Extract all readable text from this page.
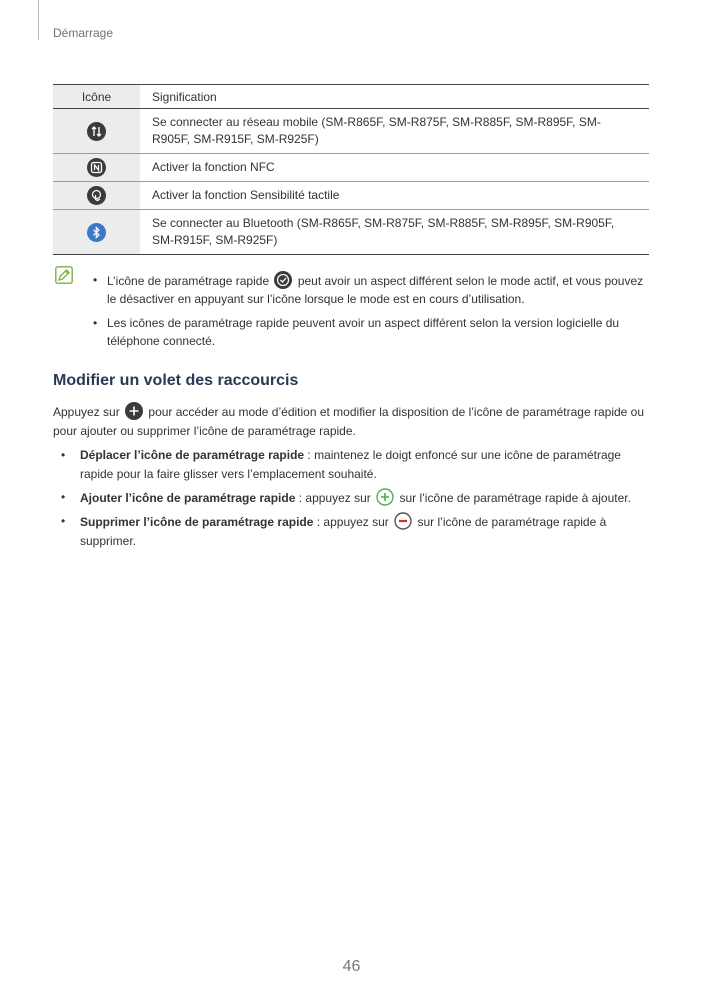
Démarrage
Icône	Signification

	Se connecter au réseau mobile (SM-R865F, SM-R875F, SM-R885F, SM-R895F, SM-R905F, SM-R915F, SM-R925F)

	Activer la fonction NFC

	Activer la fonction Sensibilité tactile

	Se connecter au Bluetooth (SM-R865F, SM-R875F, SM-R885F, SM-R895F, SM-R905F, SM-R915F, SM-R925F)
• L’icône de paramétrage rapide peut avoir un aspect différent selon le mode actif, et vous pouvez le désactiver en appuyant sur l’icône lorsque le mode est en cours d’utilisation.
• Les icônes de paramétrage rapide peuvent avoir un aspect différent selon la version logicielle du téléphone connecté.
Modifier un volet des raccourcis

Appuyez sur pour accéder au mode d’édition et modifier la disposition de l’icône de paramétrage rapide ou pour ajouter ou supprimer l’icône de paramétrage rapide.

• Déplacer l’icône de paramétrage rapide : maintenez le doigt enfoncé sur une icône de paramétrage rapide pour la faire glisser vers l’emplacement souhaité.
• Ajouter l’icône de paramétrage rapide : appuyez sur sur l’icône de paramétrage rapide à ajouter.
• Supprimer l’icône de paramétrage rapide : appuyez sur sur l’icône de paramétrage rapide à supprimer.
46
